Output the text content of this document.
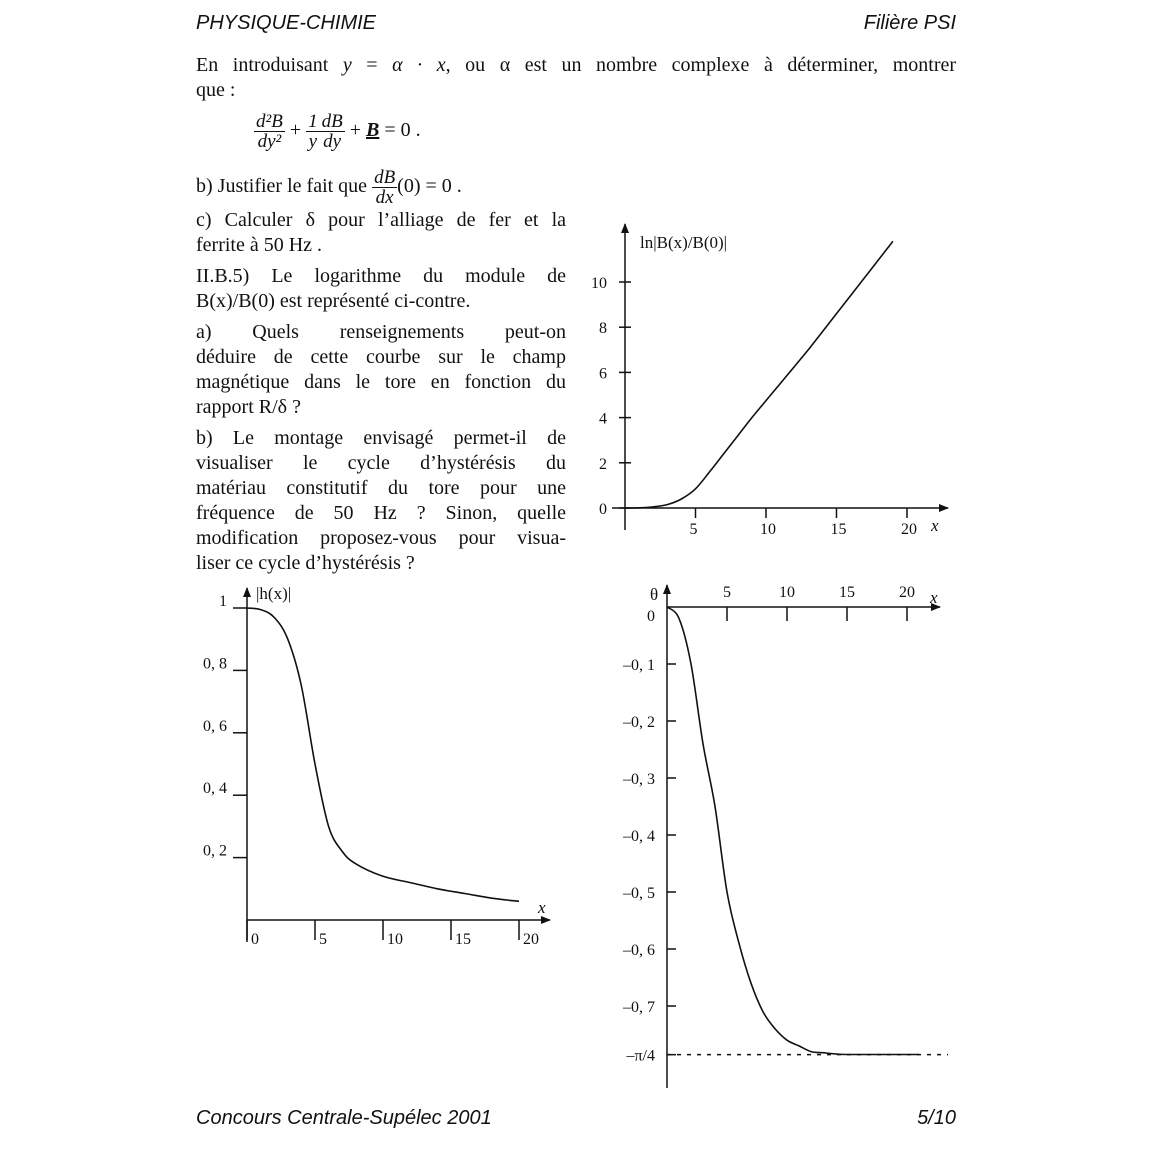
PHYSIQUE-CHIMIE	Filière PSI
En introduisant y = α · x, ou α est un nombre complexe à déterminer, montrer
que :
$\frac{\text{d²B}}{\text{dy²}} + \frac{1}{y} \frac{dB}{dy} + B = 0$ .
b) Justifier le fait que $\frac{dB}{dx} (0) = 0$ .
c) Calculer δ pour l’alliage de fer et la
ferrite à 50 Hz .
II.B.5) Le logarithme du module de
B(x)/B(0) est représenté ci-contre.
a) Quels renseignements peut-on
déduire de cette courbe sur le champ
magnétique dans le tore en fonction du
rapport R/δ ?
b) Le montage envisagé permet-il de
visualiser le cycle d’hystérésis du
matériau constitutif du tore pour une
fréquence de 50 Hz ? Sinon, quelle
modification proposez-vous pour visua-
liser ce cycle d’hystérésis ?
0
2
4
6
8
10
5	10	15	20
ln|B(x)/B(0)|
x
1
0, 8
0, 6
0, 4
0, 2
0	5	10	15	20
|h(x)|
x
0
–0, 1
–0, 2
–0, 3
–0, 4
–0, 5
–0, 6
–0, 7
–π/4
5	10	15	20
θ	x
Concours Centrale-Supélec 2001	5/10
